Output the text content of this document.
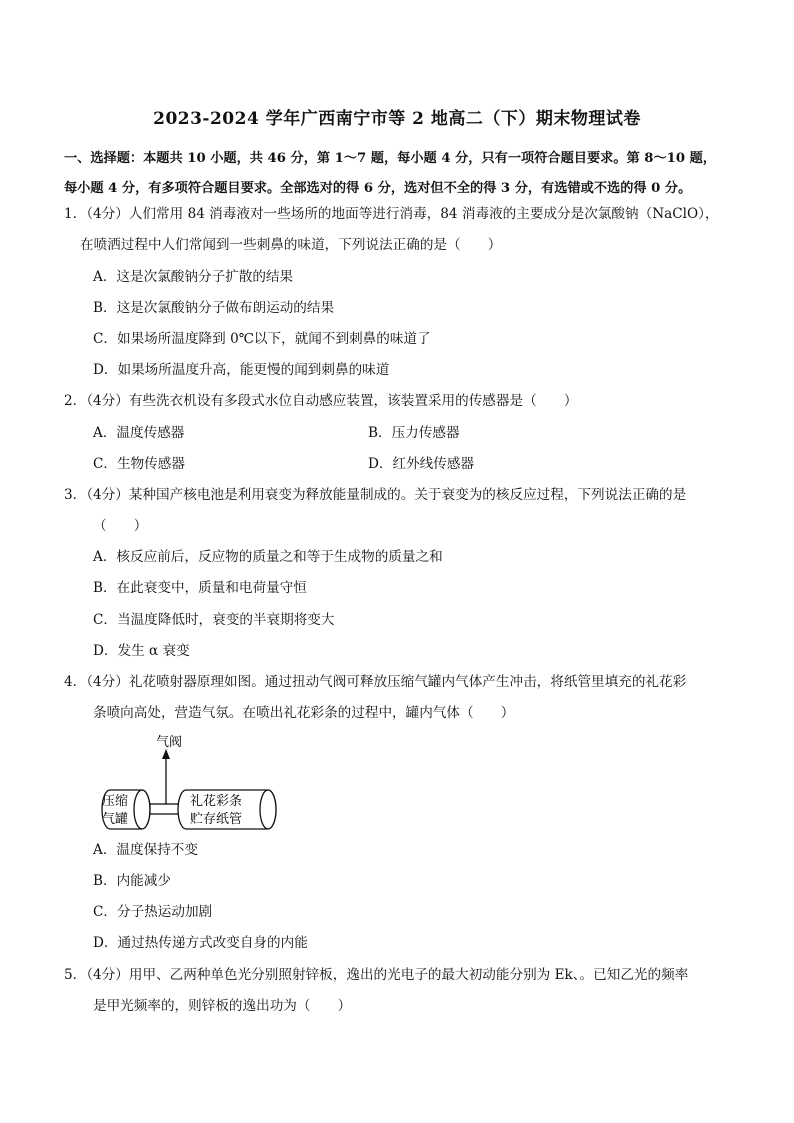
2023-2024 学年广西南宁市等 2 地高二（下）期末物理试卷
一、选择题：本题共 10 小题，共 46 分，第 1～7 题，每小题 4 分，只有一项符合题目要求。第 8～10 题，
每小题 4 分，有多项符合题目要求。全部选对的得 6 分，选对但不全的得 3 分，有选错或不选的得 0 分。
1．（4分）人们常用 84 消毒液对一些场所的地面等进行消毒，84 消毒液的主要成分是次氯酸钠（NaClO），
在喷洒过程中人们常闻到一些刺鼻的味道，下列说法正确的是（　　）
A．这是次氯酸钠分子扩散的结果
B．这是次氯酸钠分子做布朗运动的结果
C．如果场所温度降到 0℃以下，就闻不到刺鼻的味道了
D．如果场所温度升高，能更慢的闻到刺鼻的味道
2．（4分）有些洗衣机设有多段式水位自动感应装置，该装置采用的传感器是（　　）
A．温度传感器	B．压力传感器
C．生物传感器	D．红外线传感器
3．（4分）某种国产核电池是利用衰变为释放能量制成的。关于衰变为的核反应过程，下列说法正确的是
（　　）
A．核反应前后，反应物的质量之和等于生成物的质量之和
B．在此衰变中，质量和电荷量守恒
C．当温度降低时，衰变的半衰期将变大
D．发生 α 衰变
4．（4分）礼花喷射器原理如图。通过扭动气阀可释放压缩气罐内气体产生冲击，将纸管里填充的礼花彩
条喷向高处，营造气氛。在喷出礼花彩条的过程中，罐内气体（　　）
气阀
压缩
气罐
礼花彩条
贮存纸管
A．温度保持不变
B．内能减少
C．分子热运动加剧
D．通过热传递方式改变自身的内能
5．（4分）用甲、乙两种单色光分别照射锌板，逸出的光电子的最大初动能分别为 Ek、。已知乙光的频率
是甲光频率的，则锌板的逸出功为（　　）
